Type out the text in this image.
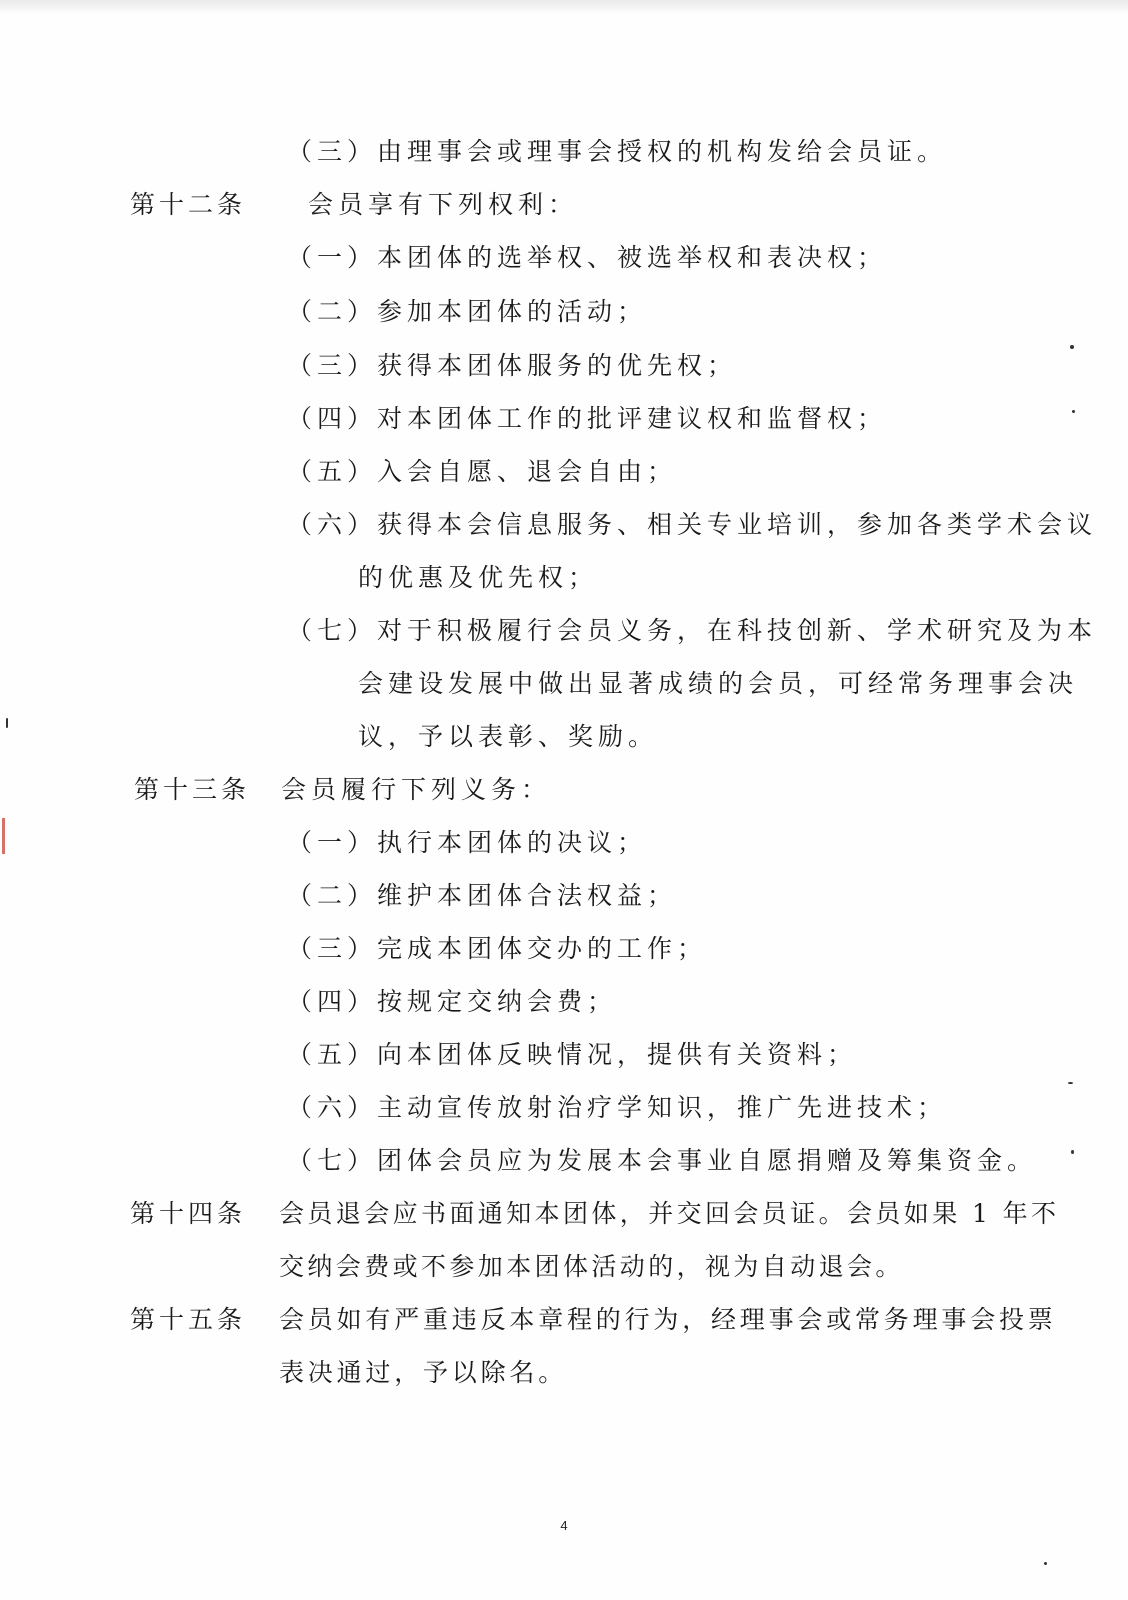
（三）由理事会或理事会授权的机构发给会员证。
第十二条 会员享有下列权利：
（一）本团体的选举权、被选举权和表决权；
（二）参加本团体的活动；
（三）获得本团体服务的优先权；
（四）对本团体工作的批评建议权和监督权；
（五）入会自愿、退会自由；
（六）获得本会信息服务、相关专业培训，参加各类学术会议
的优惠及优先权；
（七）对于积极履行会员义务，在科技创新、学术研究及为本
会建设发展中做出显著成绩的会员，可经常务理事会决
议，予以表彰、奖励。
第十三条 会员履行下列义务：
（一）执行本团体的决议；
（二）维护本团体合法权益；
（三）完成本团体交办的工作；
（四）按规定交纳会费；
（五）向本团体反映情况，提供有关资料；
（六）主动宣传放射治疗学知识，推广先进技术；
（七）团体会员应为发展本会事业自愿捐赠及筹集资金。
第十四条 会员退会应书面通知本团体，并交回会员证。会员如果 1 年不
交纳会费或不参加本团体活动的，视为自动退会。
第十五条 会员如有严重违反本章程的行为，经理事会或常务理事会投票
表决通过，予以除名。
4
